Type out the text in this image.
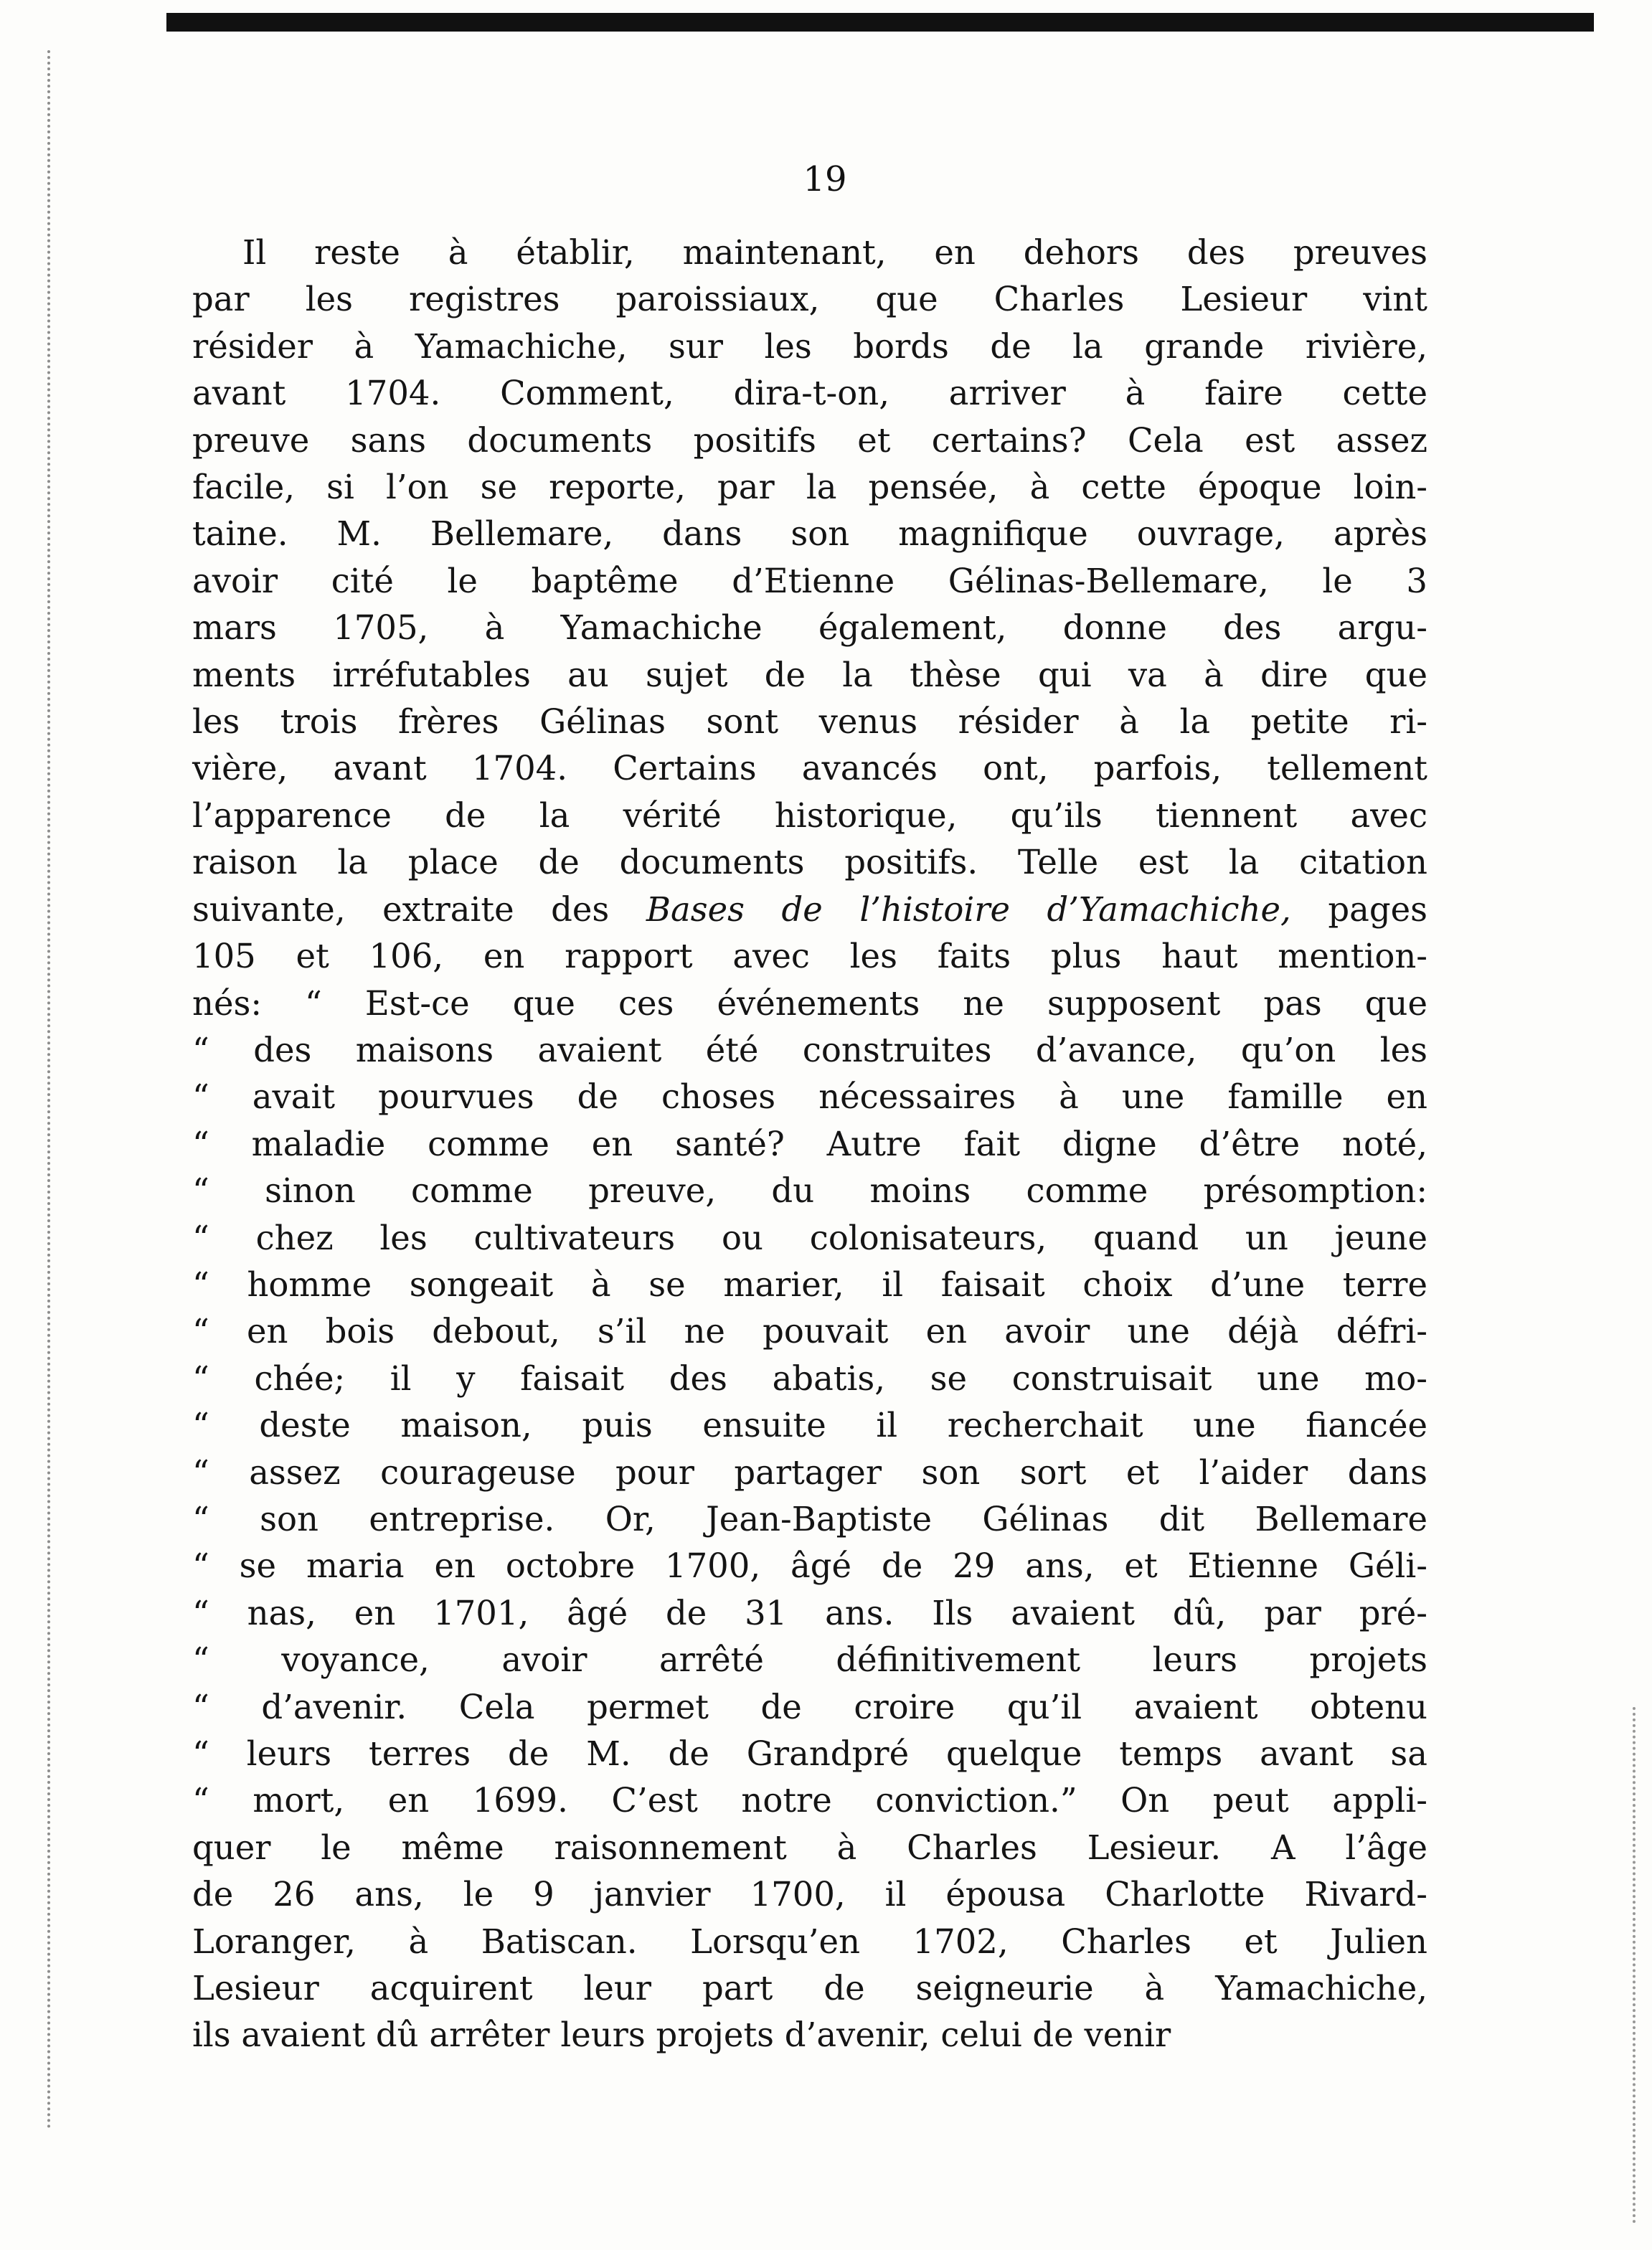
19
Il reste à établir, maintenant, en dehors des preuves
par les registres paroissiaux, que Charles Lesieur vint
résider à Yamachiche, sur les bords de la grande rivière,
avant 1704. Comment, dira-t-on, arriver à faire cette
preuve sans documents positifs et certains? Cela est assez
facile, si l’on se reporte, par la pensée, à cette époque loin-
taine. M. Bellemare, dans son magnifique ouvrage, après
avoir cité le baptême d’Etienne Gélinas-Bellemare, le 3
mars 1705, à Yamachiche également, donne des argu-
ments irréfutables au sujet de la thèse qui va à dire que
les trois frères Gélinas sont venus résider à la petite ri-
vière, avant 1704. Certains avancés ont, parfois, tellement
l’apparence de la vérité historique, qu’ils tiennent avec
raison la place de documents positifs. Telle est la citation
suivante, extraite des Bases de l’histoire d’Yamachiche, pages
105 et 106, en rapport avec les faits plus haut mention-
nés: “ Est-ce que ces événements ne supposent pas que
“ des maisons avaient été construites d’avance, qu’on les
“ avait pourvues de choses nécessaires à une famille en
“ maladie comme en santé? Autre fait digne d’être noté,
“ sinon comme preuve, du moins comme présomption:
“ chez les cultivateurs ou colonisateurs, quand un jeune
“ homme songeait à se marier, il faisait choix d’une terre
“ en bois debout, s’il ne pouvait en avoir une déjà défri-
“ chée; il y faisait des abatis, se construisait une mo-
“ deste maison, puis ensuite il recherchait une fiancée
“ assez courageuse pour partager son sort et l’aider dans
“ son entreprise. Or, Jean-Baptiste Gélinas dit Bellemare
“ se maria en octobre 1700, âgé de 29 ans, et Etienne Géli-
“ nas, en 1701, âgé de 31 ans. Ils avaient dû, par pré-
“ voyance, avoir arrêté définitivement leurs projets
“ d’avenir. Cela permet de croire qu’il avaient obtenu
“ leurs terres de M. de Grandpré quelque temps avant sa
“ mort, en 1699. C’est notre conviction.” On peut appli-
quer le même raisonnement à Charles Lesieur. A l’âge
de 26 ans, le 9 janvier 1700, il épousa Charlotte Rivard-
Loranger, à Batiscan. Lorsqu’en 1702, Charles et Julien
Lesieur acquirent leur part de seigneurie à Yamachiche,
ils avaient dû arrêter leurs projets d’avenir, celui de venir
